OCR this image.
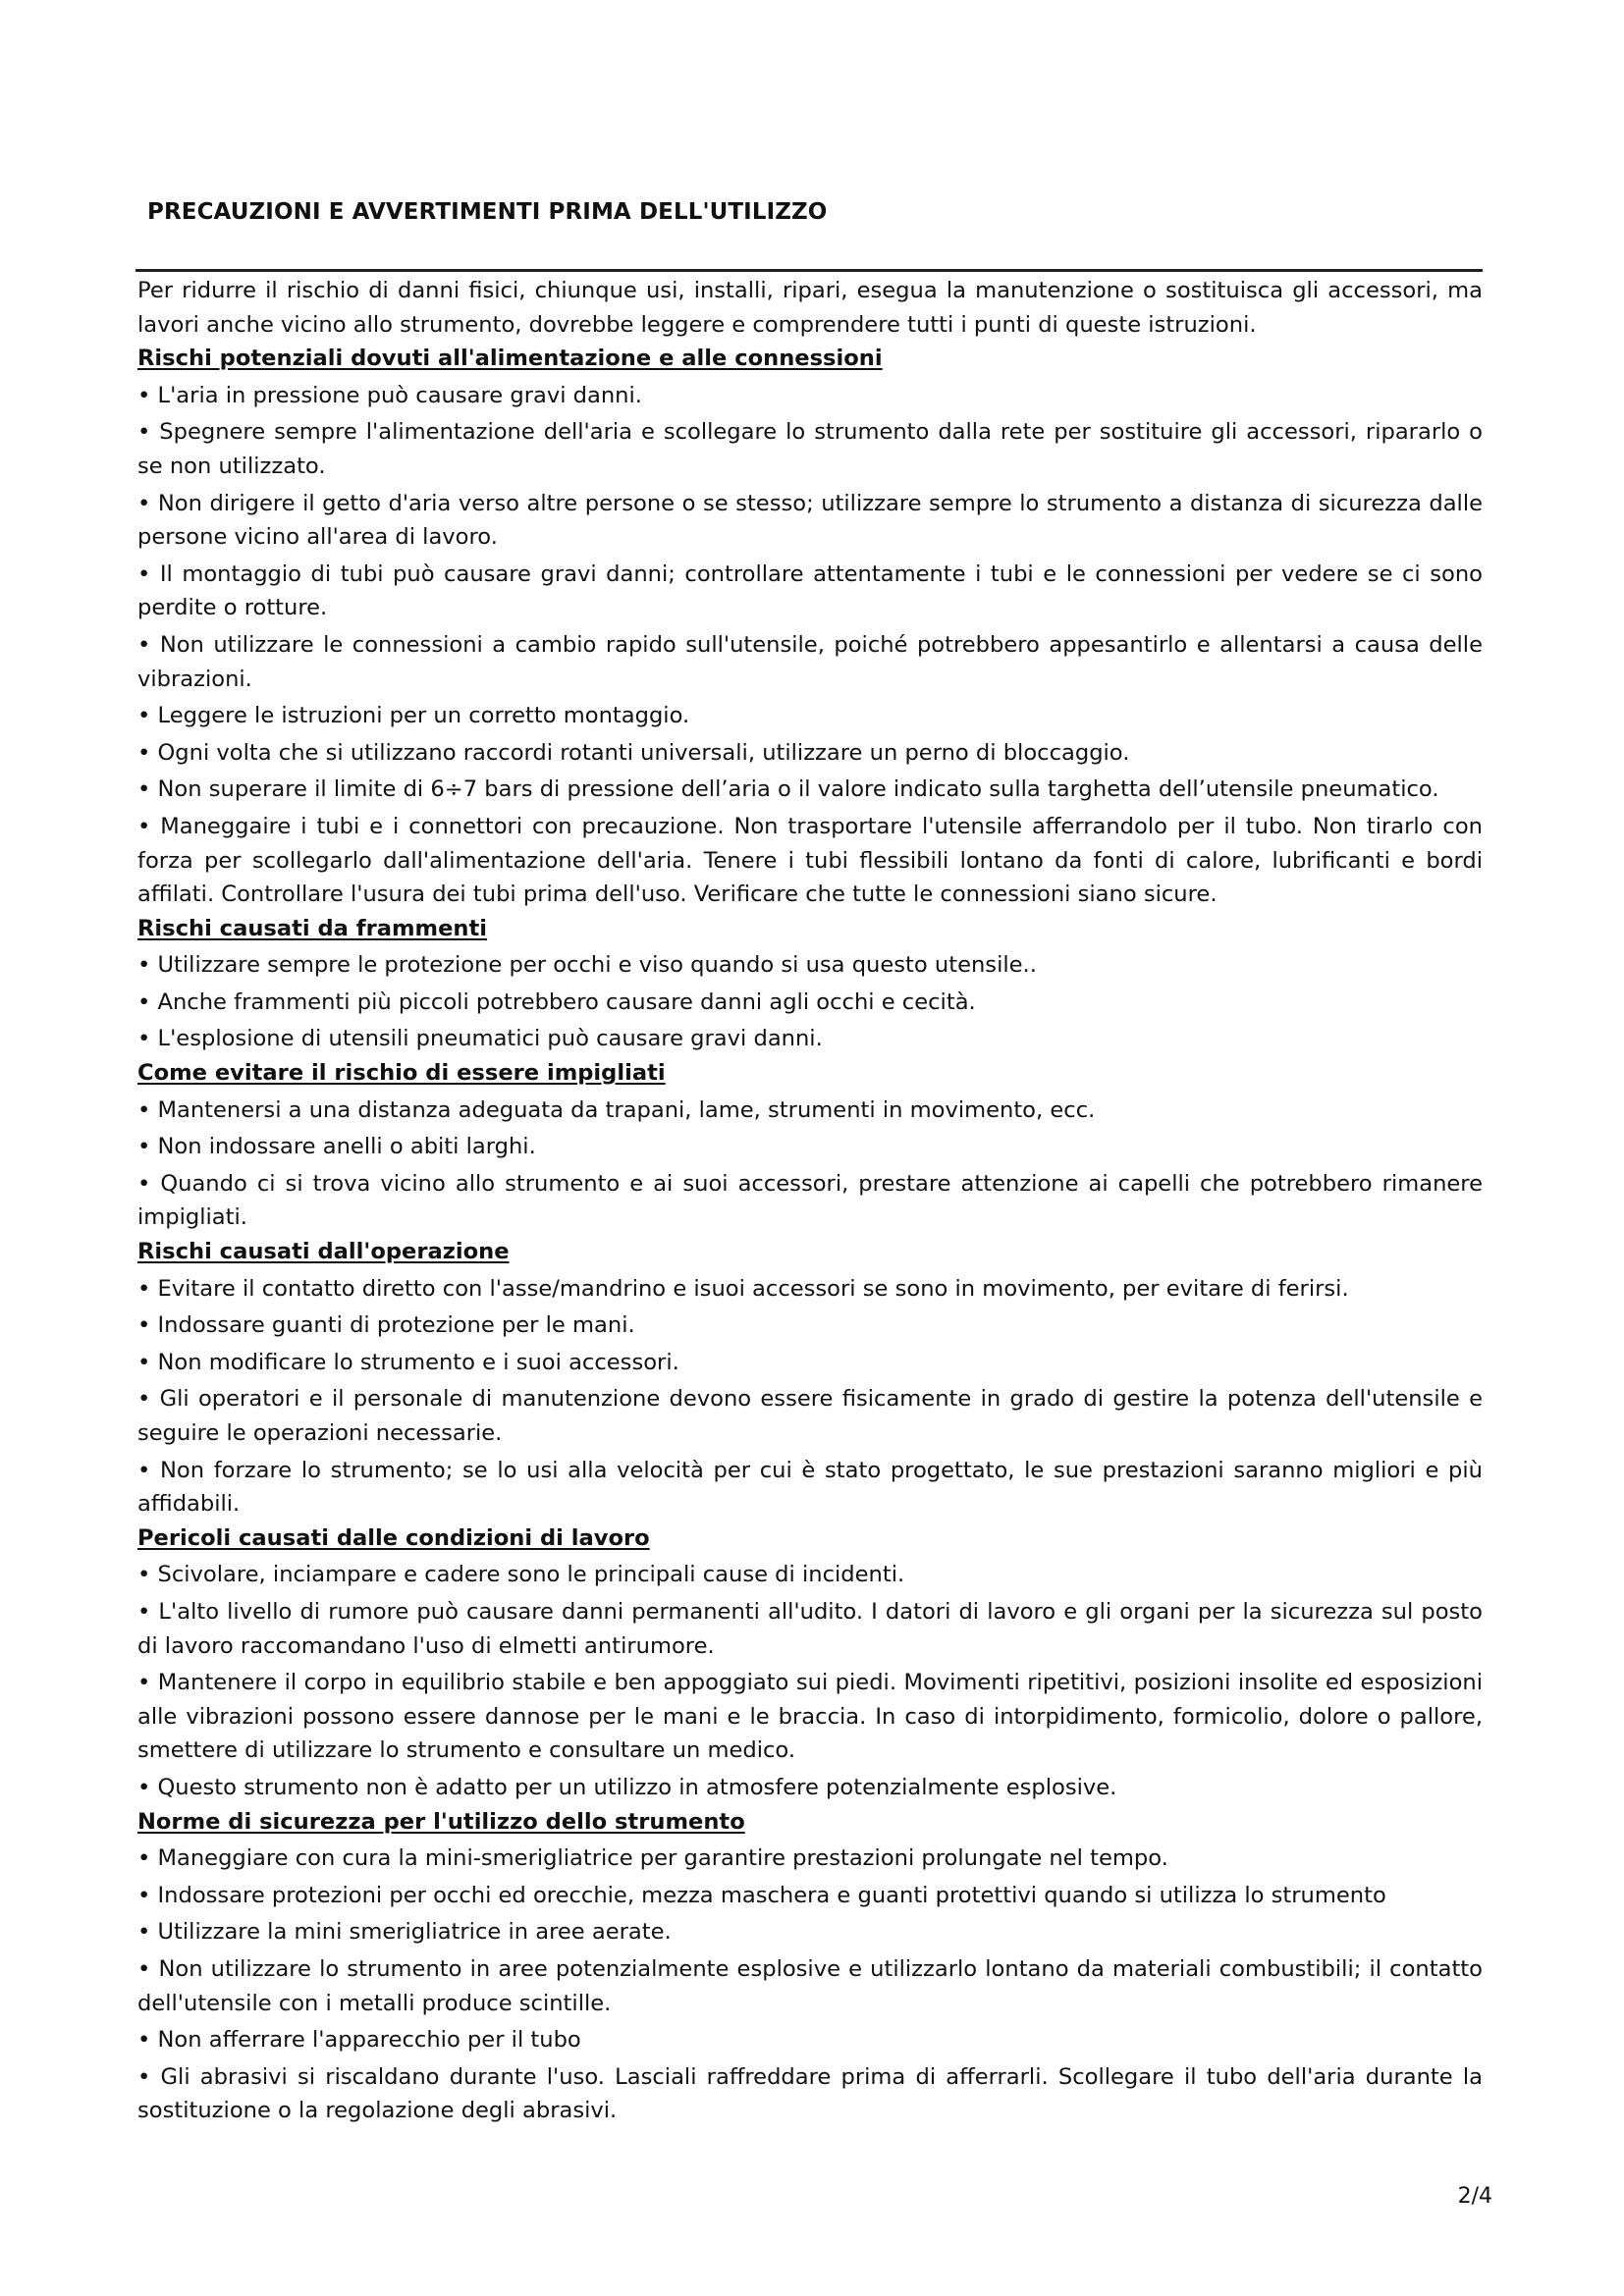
PRECAUZIONI E AVVERTIMENTI PRIMA DELL'UTILIZZO

Per ridurre il rischio di danni fisici, chiunque usi, installi, ripari, esegua la manutenzione o sostituisca gli accessori, ma lavori anche vicino allo strumento, dovrebbe leggere e comprendere tutti i punti di queste istruzioni.

Rischi potenziali dovuti all'alimentazione e alle connessioni

• L'aria in pressione può causare gravi danni.

• Spegnere sempre l'alimentazione dell'aria e scollegare lo strumento dalla rete per sostituire gli accessori, ripararlo o se non utilizzato.

• Non dirigere il getto d'aria verso altre persone o se stesso; utilizzare sempre lo strumento a distanza di sicurezza dalle persone vicino all'area di lavoro.

• Il montaggio di tubi può causare gravi danni; controllare attentamente i tubi e le connessioni per vedere se ci sono perdite o rotture.

• Non utilizzare le connessioni a cambio rapido sull'utensile, poiché potrebbero appesantirlo e allentarsi a causa delle vibrazioni.

• Leggere le istruzioni per un corretto montaggio.

• Ogni volta che si utilizzano raccordi rotanti universali, utilizzare un perno di bloccaggio.

• Non superare il limite di 6÷7 bars di pressione dell’aria o il valore indicato sulla targhetta dell’utensile pneumatico.

• Maneggaire i tubi e i connettori con precauzione. Non trasportare l'utensile afferrandolo per il tubo. Non tirarlo con forza per scollegarlo dall'alimentazione dell'aria. Tenere i tubi flessibili lontano da fonti di calore, lubrificanti e bordi affilati. Controllare l'usura dei tubi prima dell'uso. Verificare che tutte le connessioni siano sicure.

Rischi causati da frammenti

• Utilizzare sempre le protezione per occhi e viso quando si usa questo utensile..

• Anche frammenti più piccoli potrebbero causare danni agli occhi e cecità.

• L'esplosione di utensili pneumatici può causare gravi danni.

Come evitare il rischio di essere impigliati

• Mantenersi a una distanza adeguata da trapani, lame, strumenti in movimento, ecc.

• Non indossare anelli o abiti larghi.

• Quando ci si trova vicino allo strumento e ai suoi accessori, prestare attenzione ai capelli che potrebbero rimanere impigliati.

Rischi causati dall'operazione

• Evitare il contatto diretto con l'asse/mandrino e isuoi accessori se sono in movimento, per evitare di ferirsi.

• Indossare guanti di protezione per le mani.

• Non modificare lo strumento e i suoi accessori.

• Gli operatori e il personale di manutenzione devono essere fisicamente in grado di gestire la potenza dell'utensile e seguire le operazioni necessarie.

• Non forzare lo strumento; se lo usi alla velocità per cui è stato progettato, le sue prestazioni saranno migliori e più affidabili.

Pericoli causati dalle condizioni di lavoro

• Scivolare, inciampare e cadere sono le principali cause di incidenti.

• L'alto livello di rumore può causare danni permanenti all'udito. I datori di lavoro e gli organi per la sicurezza sul posto di lavoro raccomandano l'uso di elmetti antirumore.

• Mantenere il corpo in equilibrio stabile e ben appoggiato sui piedi. Movimenti ripetitivi, posizioni insolite ed esposizioni alle vibrazioni possono essere dannose per le mani e le braccia. In caso di intorpidimento, formicolio, dolore o pallore, smettere di utilizzare lo strumento e consultare un medico.

• Questo strumento non è adatto per un utilizzo in atmosfere potenzialmente esplosive.

Norme di sicurezza per l'utilizzo dello strumento

• Maneggiare con cura la mini-smerigliatrice per garantire prestazioni prolungate nel tempo.

• Indossare protezioni per occhi ed orecchie, mezza maschera e guanti protettivi quando si utilizza lo strumento

• Utilizzare la mini smerigliatrice in aree aerate.

• Non utilizzare lo strumento in aree potenzialmente esplosive e utilizzarlo lontano da materiali combustibili; il contatto dell'utensile con i metalli produce scintille.

• Non afferrare l'apparecchio per il tubo

• Gli abrasivi si riscaldano durante l'uso. Lasciali raffreddare prima di afferrarli. Scollegare il tubo dell'aria durante la sostituzione o la regolazione degli abrasivi.

2/4
